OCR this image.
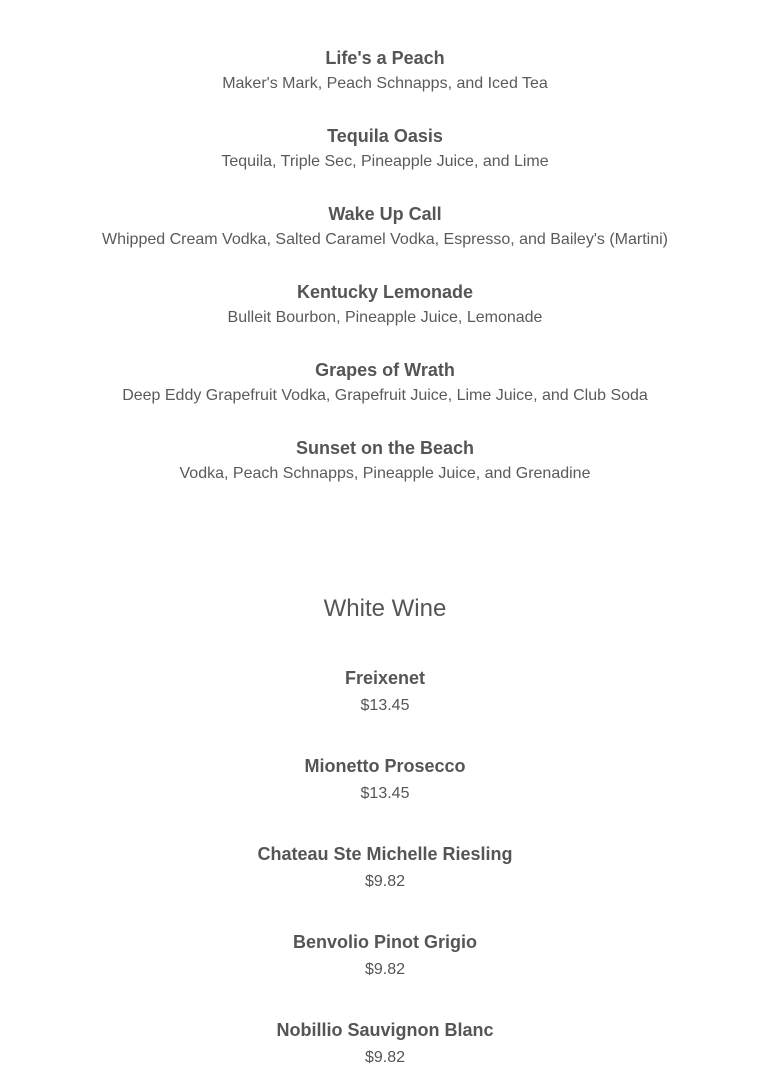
Life's a Peach
Maker's Mark, Peach Schnapps, and Iced Tea
Tequila Oasis
Tequila, Triple Sec, Pineapple Juice, and Lime
Wake Up Call
Whipped Cream Vodka, Salted Caramel Vodka, Espresso, and Bailey's (Martini)
Kentucky Lemonade
Bulleit Bourbon, Pineapple Juice, Lemonade
Grapes of Wrath
Deep Eddy Grapefruit Vodka, Grapefruit Juice, Lime Juice, and Club Soda
Sunset on the Beach
Vodka, Peach Schnapps, Pineapple Juice, and Grenadine
White Wine
Freixenet
$13.45
Mionetto Prosecco
$13.45
Chateau Ste Michelle Riesling
$9.82
Benvolio Pinot Grigio
$9.82
Nobillio Sauvignon Blanc
$9.82
